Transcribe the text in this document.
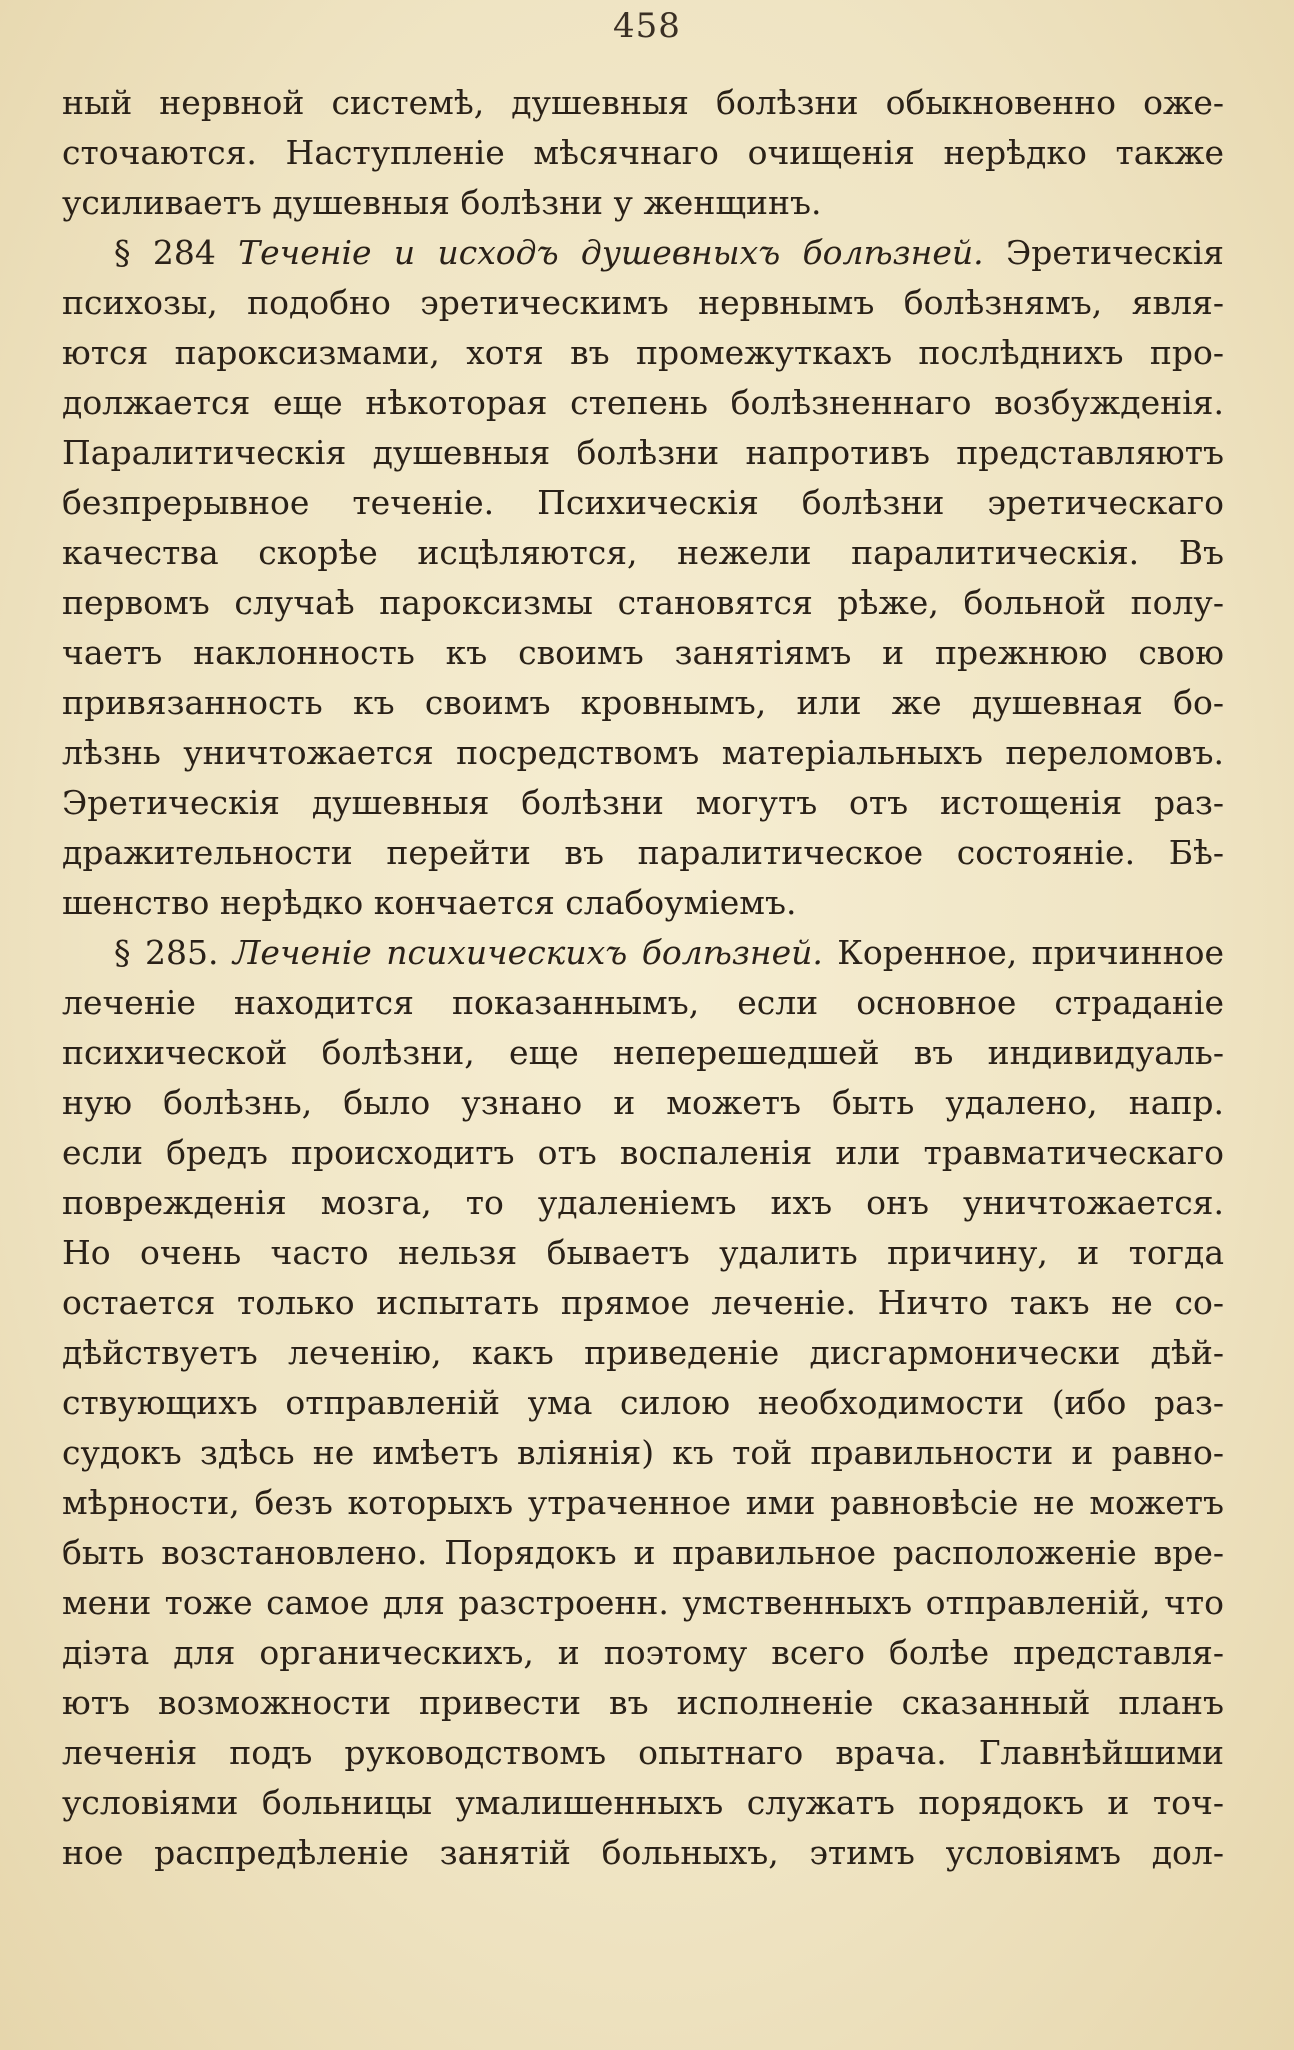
458
ный нервной системѣ, душевныя болѣзни обыкновенно оже-
сточаются. Наступленіе мѣсячнаго очищенія нерѣдко также
усиливаетъ душевныя болѣзни у женщинъ.
§ 284 Теченіе и исходъ душевныхъ болѣзней. Эретическія
психозы, подобно эретическимъ нервнымъ болѣзнямъ, явля-
ются пароксизмами, хотя въ промежуткахъ послѣднихъ про-
должается еще нѣкоторая степень болѣзненнаго возбужденія.
Паралитическія душевныя болѣзни напротивъ представляютъ
безпрерывное теченіе. Психическія болѣзни эретическаго
качества скорѣе исцѣляются, нежели паралитическія. Въ
первомъ случаѣ пароксизмы становятся рѣже, больной полу-
чаетъ наклонность къ своимъ занятіямъ и прежнюю свою
привязанность къ своимъ кровнымъ, или же душевная бо-
лѣзнь уничтожается посредствомъ матеріальныхъ переломовъ.
Эретическія душевныя болѣзни могутъ отъ истощенія раз-
дражительности перейти въ паралитическое состояніе. Бѣ-
шенство нерѣдко кончается слабоуміемъ.
§ 285. Леченіе психическихъ болѣзней. Коренное, причинное
леченіе находится показаннымъ, если основное страданіе
психической болѣзни, еще неперешедшей въ индивидуаль-
ную болѣзнь, было узнано и можетъ быть удалено, напр.
если бредъ происходитъ отъ воспаленія или травматическаго
поврежденія мозга, то удаленіемъ ихъ онъ уничтожается.
Но очень часто нельзя бываетъ удалить причину, и тогда
остается только испытать прямое леченіе. Ничто такъ не со-
дѣйствуетъ леченію, какъ приведеніе дисгармонически дѣй-
ствующихъ отправленій ума силою необходимости (ибо раз-
судокъ здѣсь не имѣетъ вліянія) къ той правильности и равно-
мѣрности, безъ которыхъ утраченное ими равновѣсіе не можетъ
быть возстановлено. Порядокъ и правильное расположеніе вре-
мени тоже самое для разстроенн. умственныхъ отправленій, что
діэта для органическихъ, и поэтому всего болѣе представля-
ютъ возможности привести въ исполненіе сказанный планъ
леченія подъ руководствомъ опытнаго врача. Главнѣйшими
условіями больницы умалишенныхъ служатъ порядокъ и точ-
ное распредѣленіе занятій больныхъ, этимъ условіямъ дол-
